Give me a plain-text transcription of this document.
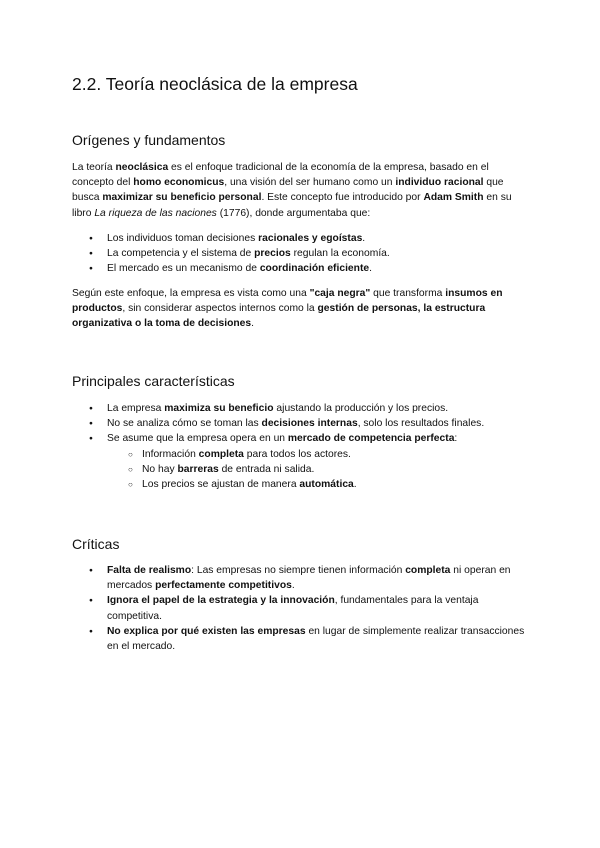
2.2. Teoría neoclásica de la empresa
Orígenes y fundamentos

La teoría neoclásica es el enfoque tradicional de la economía de la empresa, basado en el concepto del homo economicus, una visión del ser humano como un individuo racional que busca maximizar su beneficio personal. Este concepto fue introducido por Adam Smith en su libro La riqueza de las naciones (1776), donde argumentaba que:

● Los individuos toman decisiones racionales y egoístas.
● La competencia y el sistema de precios regulan la economía.
● El mercado es un mecanismo de coordinación eficiente.

Según este enfoque, la empresa es vista como una "caja negra" que transforma insumos en productos, sin considerar aspectos internos como la gestión de personas, la estructura organizativa o la toma de decisiones.

Principales características
● La empresa maximiza su beneficio ajustando la producción y los precios.
● No se analiza cómo se toman las decisiones internas, solo los resultados finales.
● Se asume que la empresa opera en un mercado de competencia perfecta:
○ Información completa para todos los actores.
○ No hay barreras de entrada ni salida.
○ Los precios se ajustan de manera automática.
Críticas
● Falta de realismo: Las empresas no siempre tienen información completa ni operan en mercados perfectamente competitivos.
● Ignora el papel de la estrategia y la innovación, fundamentales para la ventaja competitiva.
● No explica por qué existen las empresas en lugar de simplemente realizar transacciones en el mercado.
